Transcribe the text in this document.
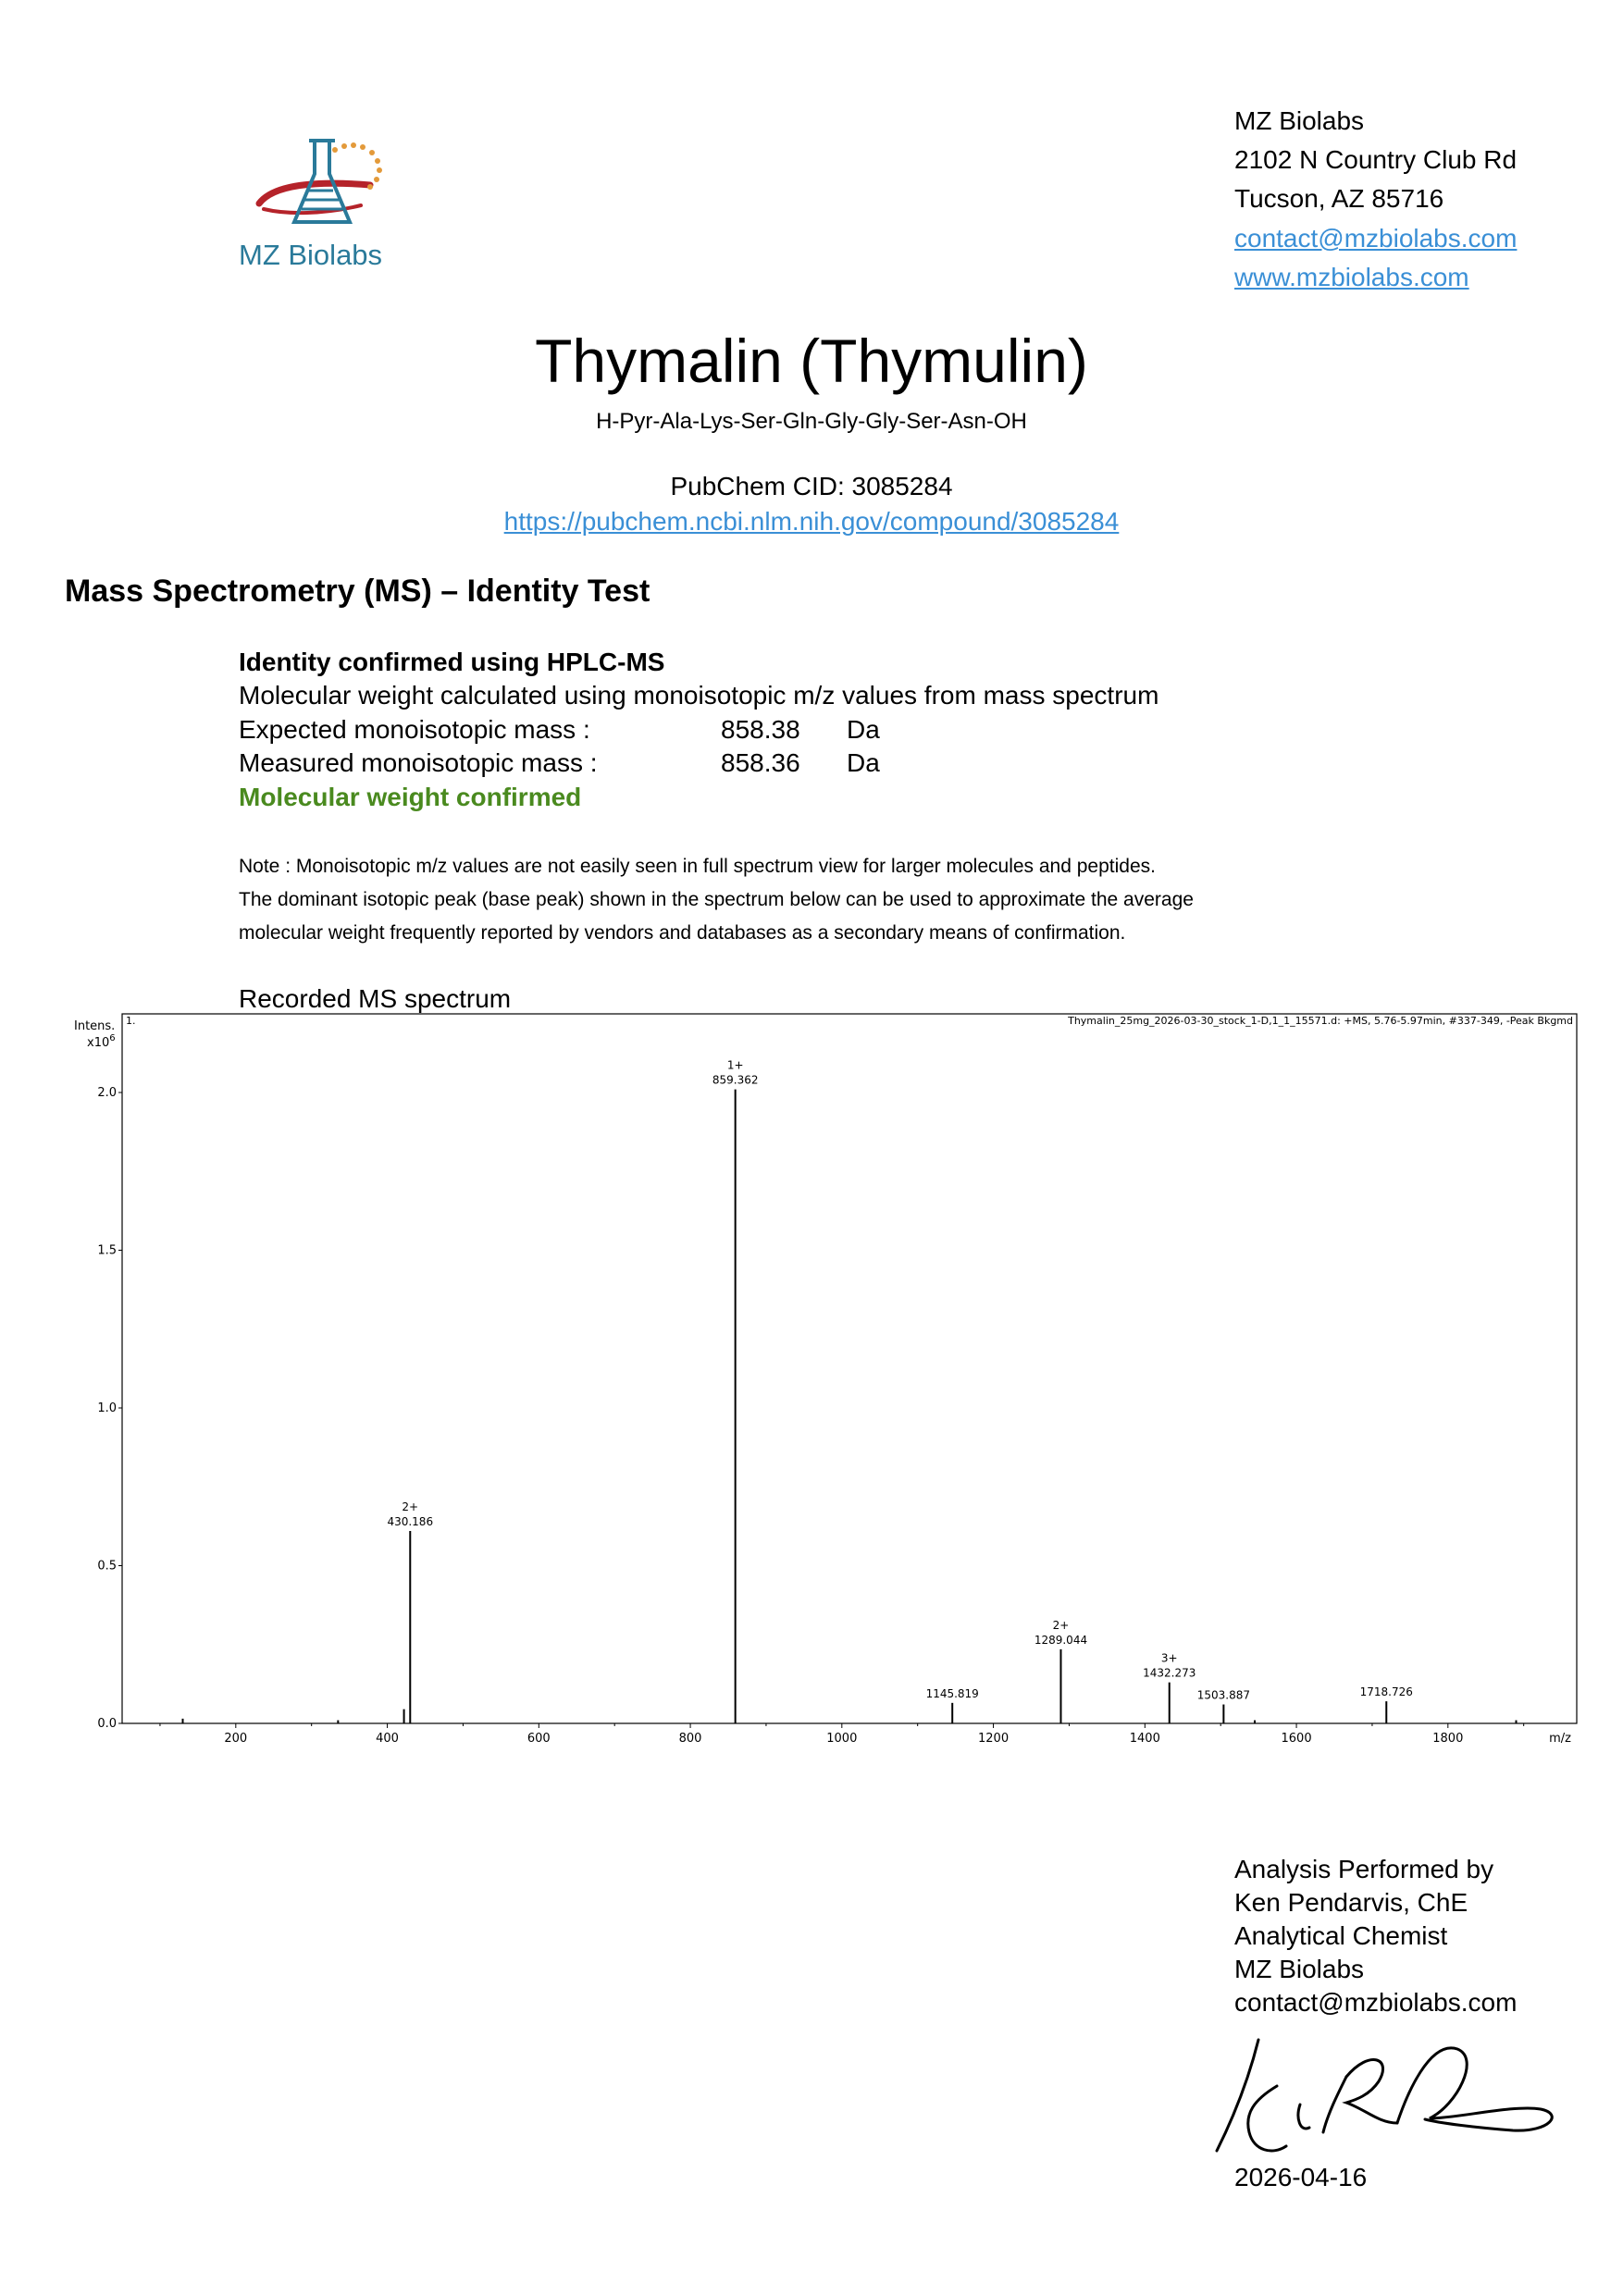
MZ Biolabs
MZ Biolabs
2102 N Country Club Rd
Tucson, AZ 85716
contact@mzbiolabs.com
www.mzbiolabs.com
Thymalin (Thymulin)
H-Pyr-Ala-Lys-Ser-Gln-Gly-Gly-Ser-Asn-OH
PubChem CID: 3085284
https://pubchem.ncbi.nlm.nih.gov/compound/3085284
Mass Spectrometry (MS) – Identity Test
Identity confirmed using HPLC-MS
Molecular weight calculated using monoisotopic m/z values from mass spectrum
Expected monoisotopic mass :	858.38 Da
Measured monoisotopic mass :	858.36 Da
Molecular weight confirmed
Note : Monoisotopic m/z values are not easily seen in full spectrum view for larger molecules and peptides.
The dominant isotopic peak (base peak) shown in the spectrum below can be used to approximate the average
molecular weight frequently reported by vendors and databases as a secondary means of confirmation.
Recorded MS spectrum
Intens.
$x10^6$
1.	Thymalin_25mg_2026-03-30_stock_1-D,1_1_15571.d: +MS, 5.76-5.97min, #337-349, -Peak Bkgmd
m/z
0.0
0.5
1.0
1.5
2.0
200	400	600	800	1000	1200	1400	1600	1800
430.186
2+
859.362
1+
1145.819
1289.044
2+
1432.273
3+
1503.887	1718.726
Analysis Performed by
Ken Pendarvis, ChE
Analytical Chemist
MZ Biolabs
contact@mzbiolabs.com
2026-04-16
